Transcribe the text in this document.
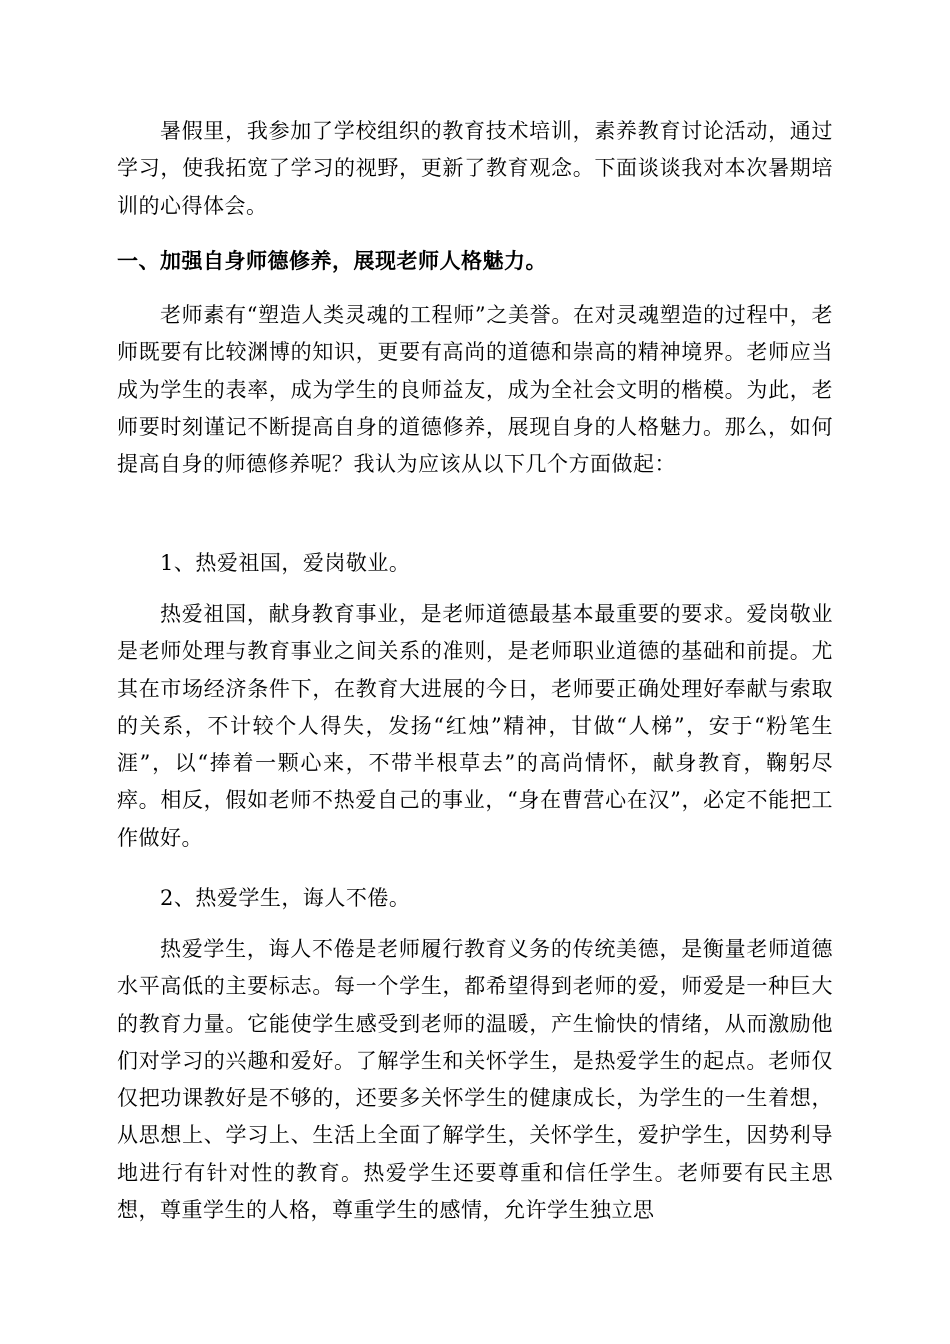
暑假里，我参加了学校组织的教育技术培训，素养教育讨论活动，通过学习，使我拓宽了学习的视野，更新了教育观念。下面谈谈我对本次暑期培训的心得体会。

一、加强自身师德修养，展现老师人格魅力。

老师素有“塑造人类灵魂的工程师”之美誉。在对灵魂塑造的过程中，老师既要有比较渊博的知识，更要有高尚的道德和崇高的精神境界。老师应当成为学生的表率，成为学生的良师益友，成为全社会文明的楷模。为此，老师要时刻谨记不断提高自身的道德修养，展现自身的人格魅力。那么，如何提高自身的师德修养呢？我认为应该从以下几个方面做起：

1、热爱祖国，爱岗敬业。

热爱祖国，献身教育事业，是老师道德最基本最重要的要求。爱岗敬业是老师处理与教育事业之间关系的准则，是老师职业道德的基础和前提。尤其在市场经济条件下，在教育大进展的今日，老师要正确处理好奉献与索取的关系，不计较个人得失，发扬“红烛”精神，甘做“人梯”，安于“粉笔生涯”，以“捧着一颗心来，不带半根草去”的高尚情怀，献身教育，鞠躬尽瘁。相反，假如老师不热爱自己的事业，“身在曹营心在汉”，必定不能把工作做好。

2、热爱学生，诲人不倦。

热爱学生，诲人不倦是老师履行教育义务的传统美德，是衡量老师道德水平高低的主要标志。每一个学生，都希望得到老师的爱，师爱是一种巨大的教育力量。它能使学生感受到老师的温暖，产生愉快的情绪，从而激励他们对学习的兴趣和爱好。了解学生和关怀学生，是热爱学生的起点。老师仅仅把功课教好是不够的，还要多关怀学生的健康成长，为学生的一生着想，从思想上、学习上、生活上全面了解学生，关怀学生，爱护学生，因势利导地进行有针对性的教育。热爱学生还要尊重和信任学生。老师要有民主思想，尊重学生的人格，尊重学生的感情，允许学生独立思
